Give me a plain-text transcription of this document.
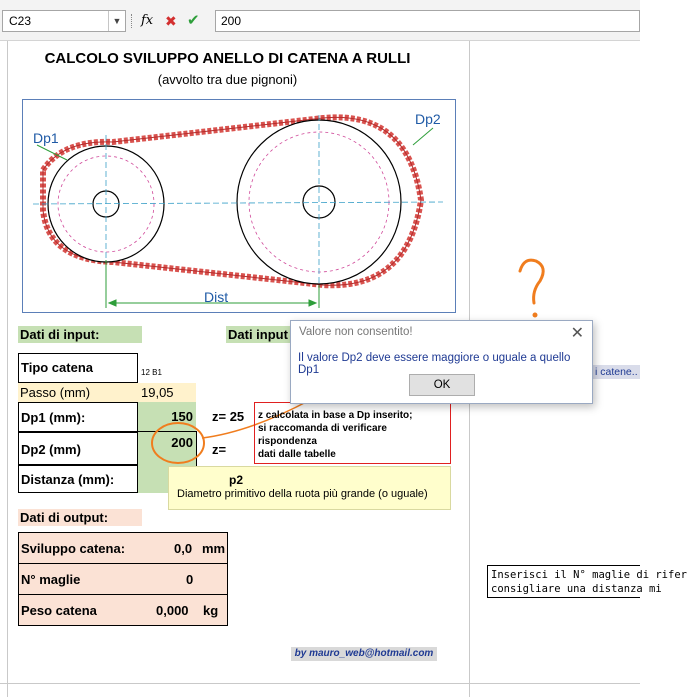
C23	▼ fx ✖ ✔	200
CALCOLO SVILUPPO ANELLO DI CATENA A RULLI
(avvolto tra due pignoni)
Dp1
Dp2
Dist
Dati di input:	Dati input
Tipo catena	12 B1
Passo (mm)	19,05
Dp1 (mm):	150	z= 25
Dp2 (mm)	200	z=
Distanza (mm):
z calcolata in base a Dp inserito;
si raccomanda di verificare rispondenza
dati dalle tabelle
p2
Diametro primitivo della ruota più grande (o uguale)
Dati di output:
Sviluppo catena:	0,0 mm
N° maglie	0
Peso catena	0,000 kg
by mauro_web@hotmail.com
Inserisci il N° maglie di rifer
consigliare una distanza mi
i catene..
Valore non consentito!	✕
Il valore Dp2 deve essere maggiore o uguale a quello Dp1
OK
